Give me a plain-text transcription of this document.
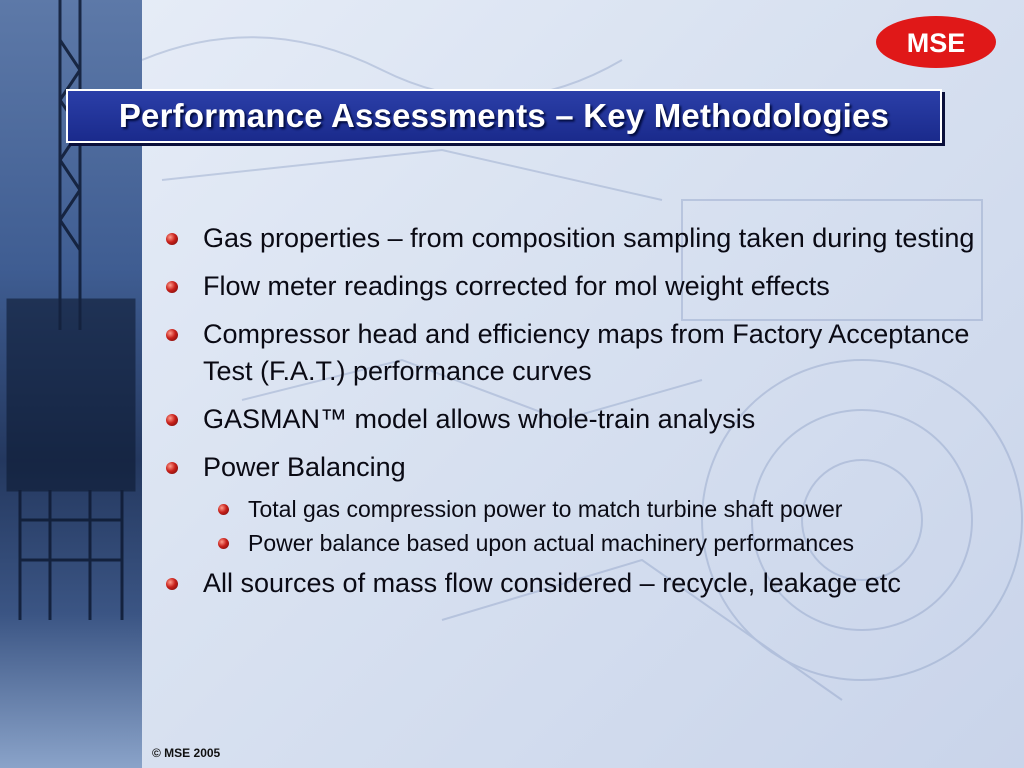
MSE
Performance Assessments – Key Methodologies
Gas properties – from composition sampling taken during testing
Flow meter readings corrected for mol weight effects
Compressor head and efficiency maps from Factory Acceptance Test (F.A.T.) performance curves
GASMAN™ model allows whole-train analysis
Power Balancing
Total gas compression power to match turbine shaft power
Power balance based upon actual machinery performances
All sources of mass flow considered – recycle, leakage etc
© MSE 2005
